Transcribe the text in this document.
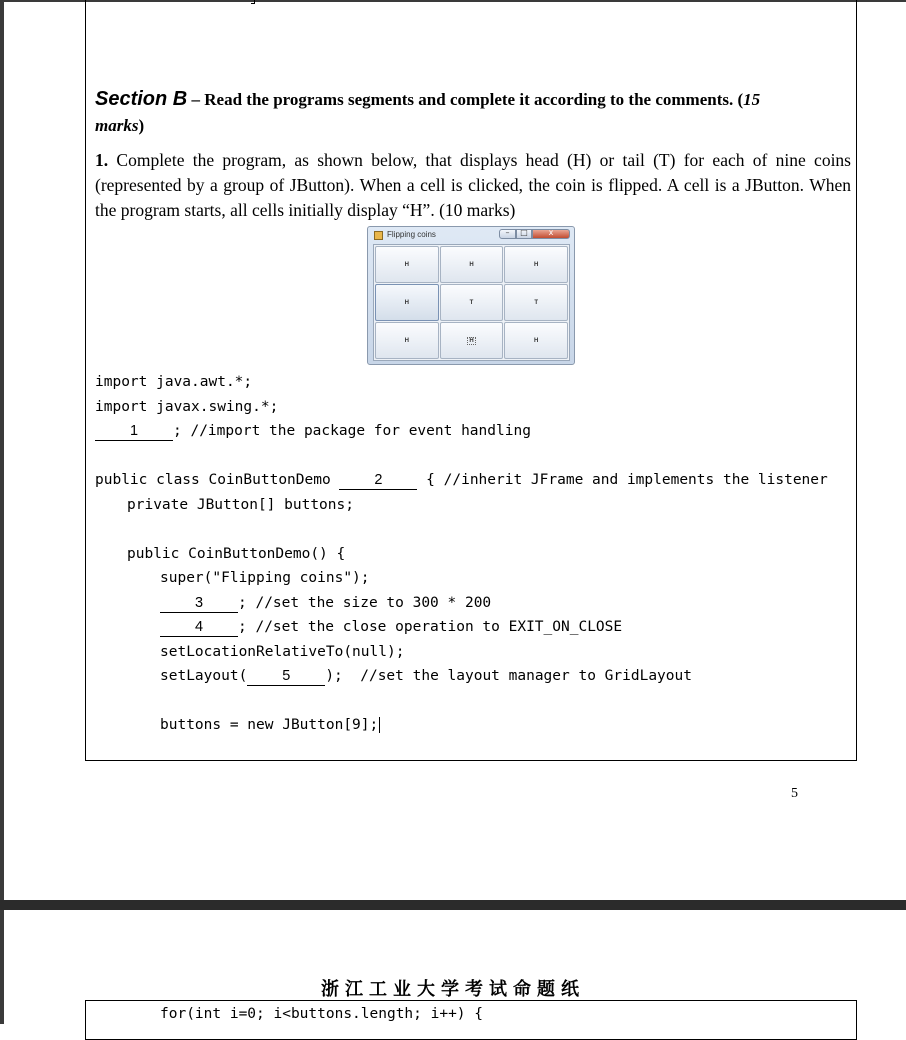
Section B – Read the programs segments and complete it according to the comments. (15
marks)
1. Complete the program, as shown below, that displays head (H) or tail (T) for each of nine coins (represented by a group of JButton). When a cell is clicked, the coin is flipped. A cell is a JButton. When the program starts, all cells initially display “H”. (10 marks)
Flipping coins	–	□	x
H	H	H
H	T	T
H	H	H
import java.awt.*;
import javax.swing.*;
1 ; //import the package for event handling
public class CoinButtonDemo 2 { //inherit JFrame and implements the listener
private JButton[] buttons;
public CoinButtonDemo() {
super("Flipping coins");
3 ; //set the size to 300 * 200
4 ; //set the close operation to EXIT_ON_CLOSE
setLocationRelativeTo(null);
setLayout( 5 );  //set the layout manager to GridLayout
buttons = new JButton[9];
5
浙江工业大学考试命题纸
for(int i=0; i<buttons.length; i++) {
